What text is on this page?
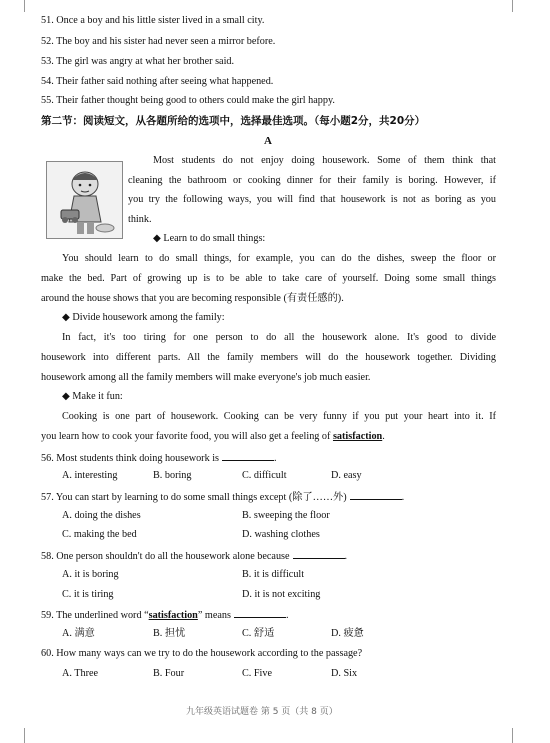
51. Once a boy and his little sister lived in a small city.
52. The boy and his sister had never seen a mirror before.
53. The girl was angry at what her brother said.
54. Their father said nothing after seeing what happened.
55. Their father thought being good to others could make the girl happy.
第二节：阅读短文，从各题所给的选项中，选择最佳选项。（每小题2分，共20分）
A
Most students do not enjoy doing housework. Some of them think that
cleaning the bathroom or cooking dinner for their family is boring. However, if
you try the following ways, you will find that housework is not as boring as you
think.
◆ Learn to do small things:
You should learn to do small things, for example, you can do the dishes, sweep the floor or
make the bed. Part of growing up is to be able to take care of yourself. Doing some small things
around the house shows that you are becoming responsible (有责任感的).
◆ Divide housework among the family:
In fact, it's too tiring for one person to do all the housework alone. It's good to divide
housework into different parts. All the family members will do the housework together. Dividing
housework among all the family members will make everyone's job much easier.
◆ Make it fun:
Cooking is one part of housework. Cooking can be very funny if you put your heart into it. If
you learn how to cook your favorite food, you will also get a feeling of satisfaction.
56. Most students think doing housework is	.
A. interesting	B. boring	C. difficult	D. easy
57. You can start by learning to do some small things except (除了……外)	.
A. doing the dishes	B. sweeping the floor
C. making the bed	D. washing clothes
58. One person shouldn't do all the housework alone because	.
A. it is boring	B. it is difficult
C. it is tiring	D. it is not exciting
59. The underlined word “satisfaction” means	.
A. 满意	B. 担忧	C. 舒适	D. 疲惫
60. How many ways can we try to do the housework according to the passage?
A. Three	B. Four	C. Five	D. Six
九年级英语试题卷 第 5 页（共 8 页）
